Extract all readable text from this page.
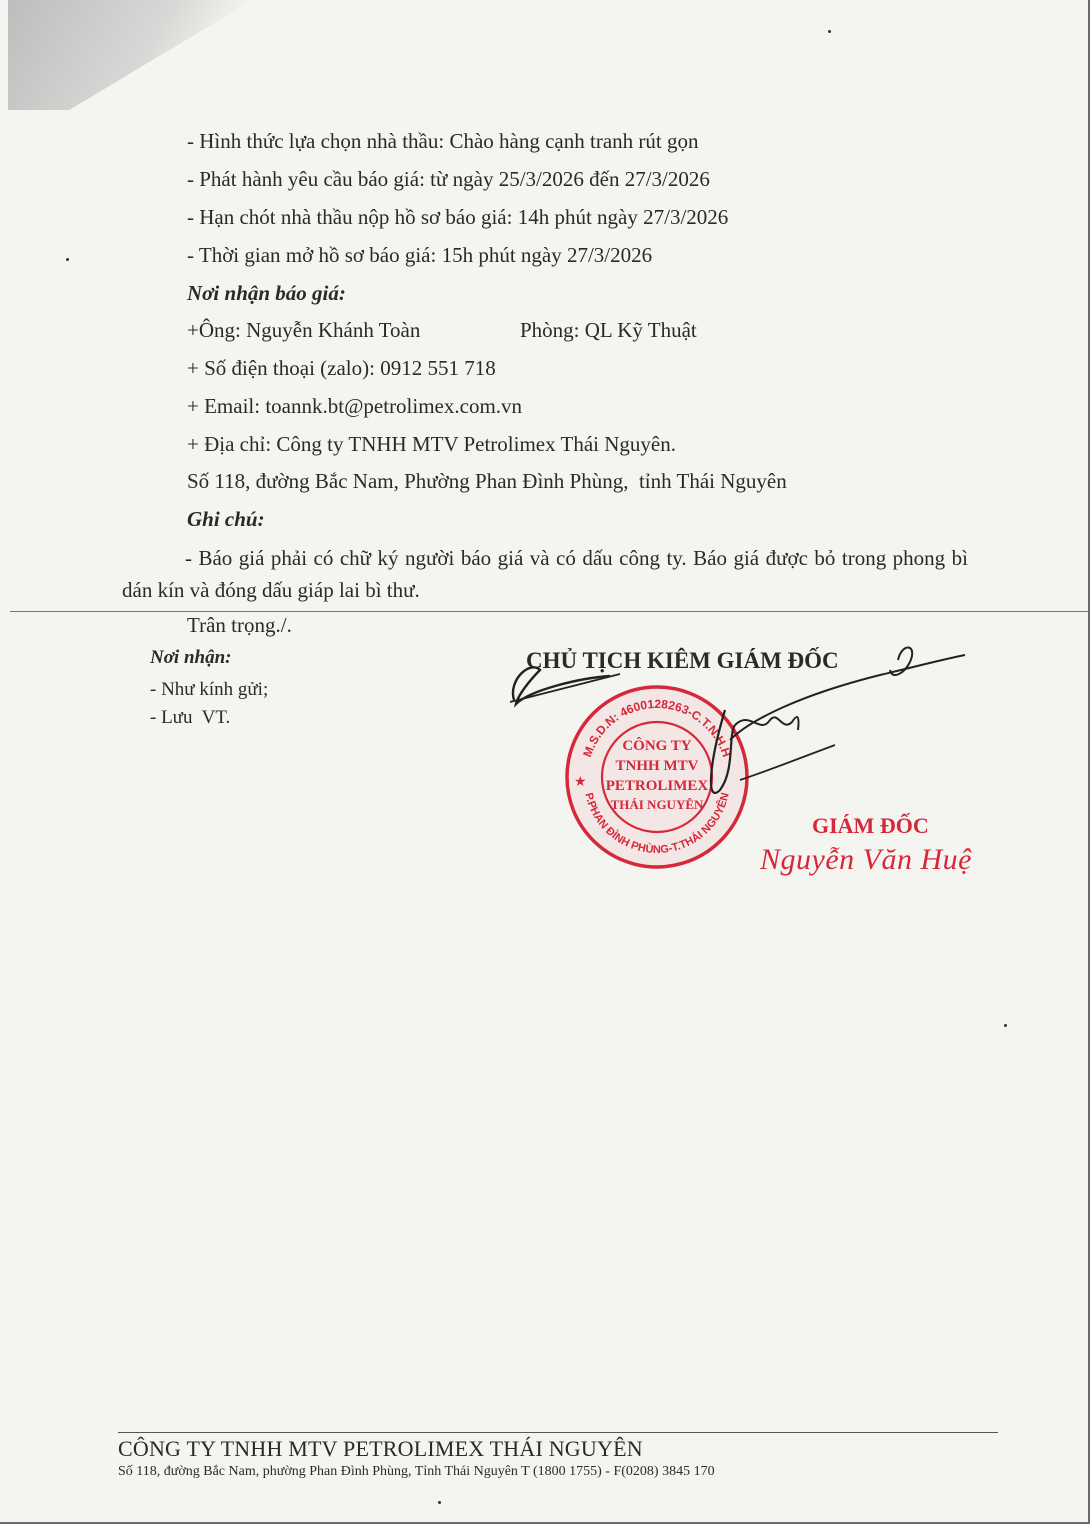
- Hình thức lựa chọn nhà thầu: Chào hàng cạnh tranh rút gọn
- Phát hành yêu cầu báo giá: từ ngày 25/3/2026 đến 27/3/2026
- Hạn chót nhà thầu nộp hồ sơ báo giá: 14h phút ngày 27/3/2026
- Thời gian mở hồ sơ báo giá: 15h phút ngày 27/3/2026
Nơi nhận báo giá:
+Ông: Nguyễn Khánh Toàn	Phòng: QL Kỹ Thuật
+ Số điện thoại (zalo): 0912 551 718
+ Email: toannk.bt@petrolimex.com.vn
+ Địa chỉ: Công ty TNHH MTV Petrolimex Thái Nguyên.
Số 118, đường Bắc Nam, Phường Phan Đình Phùng,  tỉnh Thái Nguyên
Ghi chú:
- Báo giá phải có chữ ký người báo giá và có dấu công ty. Báo giá được bỏ trong phong bì dán kín và đóng dấu giáp lai bì thư.
Trân trọng./.
Nơi nhận:
- Như kính gửi;
- Lưu  VT.
CHỦ TỊCH KIÊM GIÁM ĐỐC
M.S.D.N: 4600128263-C.T.N.H.H
P.PHAN ĐÌNH PHÙNG-T.THÁI NGUYÊN
★
CÔNG TY
TNHH MTV
PETROLIMEX
THÁI NGUYÊN
GIÁM ĐỐC
Nguyễn Văn Huệ
CÔNG TY TNHH MTV PETROLIMEX THÁI NGUYÊN
Số 118, đường Bắc Nam, phường Phan Đình Phùng, Tỉnh Thái Nguyên T (1800 1755) - F(0208) 3845 170
